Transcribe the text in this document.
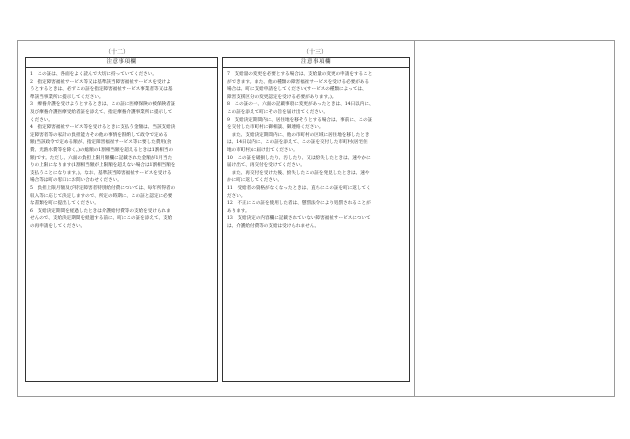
（十二）	（十三）
注意事項欄
1　この証は、各面をよく読んで大切に持っていてください。
2　指定障害福祉サービス等又は基準該当障害福祉サービスを受けよ
うとするときは、必ずこの証を指定障害福祉サービス事業者等又は基
準該当事業所に提示してください。
3　療養介護を受けようとするときは、この証に医療保険の被保険者証
及び療養介護医療受給者証を添えて、指定療養介護事業所に提示して
ください。
4　指定障害福祉サービス等を受けるときに支払う金額は、当該支給決
定障害者等の家計の負担能力その他の事情を斟酌して政令で定める
額(当該政令で定める額が、指定障害福祉サービス等に要した費用(食
費、光熱水費等を除く。)の総額の1割相当額を超えるときは1割相当の
額)です。ただし、六面の負担上限月額欄に記載された金額が1月当た
りの上限になります(1割相当額が上限額を超えない場合は1割相当額を
支払うことになります。)。なお、基準該当障害福祉サービスを受ける
場合等は町の窓口にお問い合わせください。
5　負担上限月額及び特定障害者特別給付費については、毎年所得者の
収入等に応じて決定しますので、所定の時期に、この証と認定に必要
な書類を町に提出してください。
6　支給決定期間を経過したときは介護給付費等の支給を受けられま
せんので、支給決定期間を経過する前に、町にこの証を添えて、支給
の再申請をしてください。
注意事項欄
7　支給量の変更を必要とする場合は、支給量の変更の申請をすること
ができます。また、他の種類の障害福祉サービスを受ける必要がある
場合は、町に支給申請をしてください(サービスの種類によっては、
障害支援区分の変更認定を受ける必要があります。)。
8　この証の一、六面の記載事項に変更があったときは、14日以内に、
この証を添えて町にその旨を届け出てください。
9　支給決定期間内に、居住地を移そうとする場合は、事前に、この証
を交付した市町村に御相談、御連絡ください。
　また、支給決定期間内に、他の市町村の区域に居住地を移したとき
は、14日以内に、この証を添えて、この証を交付した市町村(居宅住
地の市町村)に届け出てください。
10　この証を破損したり、汚したり、又は紛失したときは、速やかに
届け出て、再交付を受けてください。
　また、再交付を受けた後、紛失したこの証を発見したときは、速や
かに町に返してください。
11　受給者の資格がなくなったときは、直ちにこの証を町に返してく
ださい。
12　不正にこの証を使用した者は、懲罰法令により処罰されることが
あります。
13　支給決定の内容欄に記載されていない障害福祉サービスについて
は、介護給付費等の支給は受けられません。
